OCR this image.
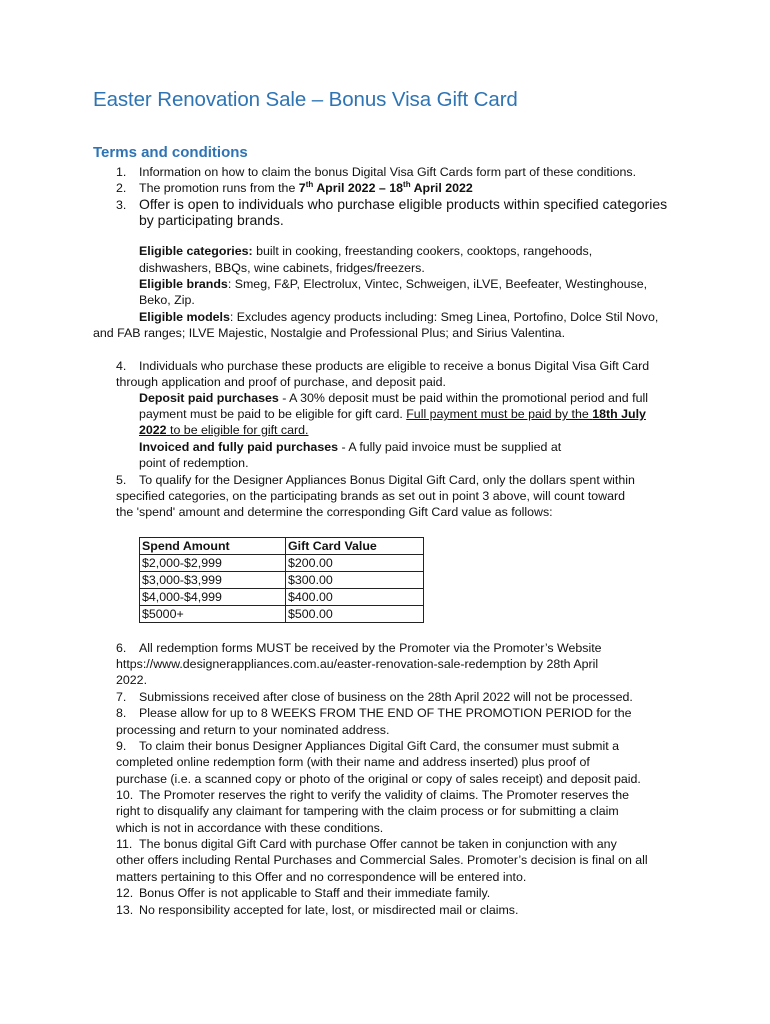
Easter Renovation Sale – Bonus Visa Gift Card
Terms and conditions
1. Information on how to claim the bonus Digital Visa Gift Cards form part of these conditions.
2. The promotion runs from the 7th April 2022 – 18th April 2022
3. Offer is open to individuals who purchase eligible products within specified categories
by participating brands.
Eligible categories: built in cooking, freestanding cookers, cooktops, rangehoods,
dishwashers, BBQs, wine cabinets, fridges/freezers.
Eligible brands: Smeg, F&P, Electrolux, Vintec, Schweigen, iLVE, Beefeater, Westinghouse,
Beko, Zip.
Eligible models: Excludes agency products including: Smeg Linea, Portofino, Dolce Stil Novo,
and FAB ranges; ILVE Majestic, Nostalgie and Professional Plus; and Sirius Valentina.
4. Individuals who purchase these products are eligible to receive a bonus Digital Visa Gift Card
through application and proof of purchase, and deposit paid.
Deposit paid purchases - A 30% deposit must be paid within the promotional period and full
payment must be paid to be eligible for gift card. Full payment must be paid by the 18th July
2022 to be eligible for gift card.
Invoiced and fully paid purchases - A fully paid invoice must be supplied at
point of redemption.
5. To qualify for the Designer Appliances Bonus Digital Gift Card, only the dollars spent within
specified categories, on the participating brands as set out in point 3 above, will count toward
the 'spend' amount and determine the corresponding Gift Card value as follows:
Spend Amount	Gift Card Value
$2,000-$2,999	$200.00
$3,000-$3,999	$300.00
$4,000-$4,999	$400.00
$5000+	$500.00
6. All redemption forms MUST be received by the Promoter via the Promoter’s Website
https://www.designerappliances.com.au/easter-renovation-sale-redemption by 28th April
2022.
7. Submissions received after close of business on the 28th April 2022 will not be processed.
8. Please allow for up to 8 WEEKS FROM THE END OF THE PROMOTION PERIOD for the
processing and return to your nominated address.
9. To claim their bonus Designer Appliances Digital Gift Card, the consumer must submit a
completed online redemption form (with their name and address inserted) plus proof of
purchase (i.e. a scanned copy or photo of the original or copy of sales receipt) and deposit paid.
10. The Promoter reserves the right to verify the validity of claims. The Promoter reserves the
right to disqualify any claimant for tampering with the claim process or for submitting a claim
which is not in accordance with these conditions.
11. The bonus digital Gift Card with purchase Offer cannot be taken in conjunction with any
other offers including Rental Purchases and Commercial Sales. Promoter’s decision is final on all
matters pertaining to this Offer and no correspondence will be entered into.
12. Bonus Offer is not applicable to Staff and their immediate family.
13. No responsibility accepted for late, lost, or misdirected mail or claims.
